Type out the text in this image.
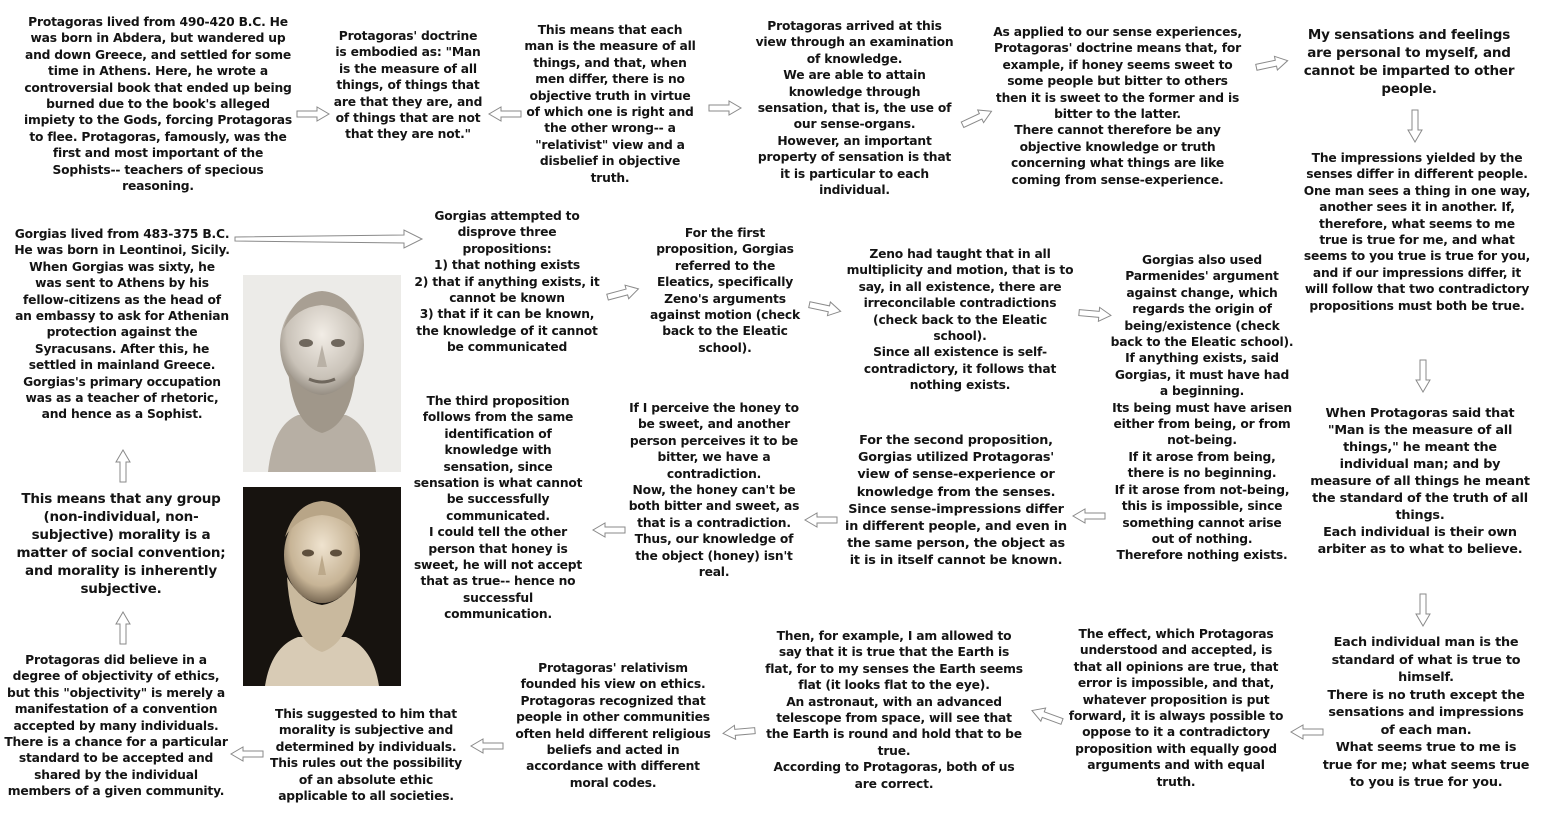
Protagoras lived from 490-420 B.C. He was born in Abdera, but wandered up and down Greece, and settled for some time in Athens. Here, he wrote a controversial book that ended up being burned due to the book's alleged impiety to the Gods, forcing Protagoras to flee. Protagoras, famously, was the first and most important of the Sophists-- teachers of specious reasoning.

Protagoras' doctrine is embodied as: "Man is the measure of all things, of things that are that they are, and of things that are not that they are not."

This means that each man is the measure of all things, and that, when men differ, there is no objective truth in virtue of which one is right and the other wrong-- a "relativist" view and a disbelief in objective truth.

Protagoras arrived at this view through an examination of knowledge.

We are able to attain knowledge through sensation, that is, the use of our sense-organs.

However, an important property of sensation is that it is particular to each individual.

As applied to our sense experiences, Protagoras' doctrine means that, for example, if honey seems sweet to some people but bitter to others then it is sweet to the former and is bitter to the latter.

There cannot therefore be any objective knowledge or truth concerning what things are like coming from sense-experience.

My sensations and feelings are personal to myself, and cannot be imparted to other people.

The impressions yielded by the senses differ in different people.

One man sees a thing in one way, another sees it in another. If, therefore, what seems to me true is true for me, and what seems to you true is true for you, and if our impressions differ, it will follow that two contradictory propositions must both be true.

When Protagoras said that "Man is the measure of all things," he meant the individual man; and by measure of all things he meant the standard of the truth of all things.

Each individual is their own arbiter as to what to believe.

Each individual man is the standard of what is true to himself.

There is no truth except the sensations and impressions of each man.

What seems true to me is true for me; what seems true to you is true for you.

The effect, which Protagoras understood and accepted, is that all opinions are true, that error is impossible, and that, whatever proposition is put forward, it is always possible to oppose to it a contradictory proposition with equally good arguments and with equal truth.

Then, for example, I am allowed to say that it is true that the Earth is flat, for to my senses the Earth seems flat (it looks flat to the eye).

An astronaut, with an advanced telescope from space, will see that the Earth is round and hold that to be true.

According to Protagoras, both of us are correct.

Protagoras' relativism founded his view on ethics.

Protagoras recognized that people in other communities often held different religious beliefs and acted in accordance with different moral codes.

This suggested to him that morality is subjective and determined by individuals.

This rules out the possibility of an absolute ethic applicable to all societies.

Protagoras did believe in a degree of objectivity of ethics, but this "objectivity" is merely a manifestation of a convention accepted by many individuals.

There is a chance for a particular standard to be accepted and shared by the individual members of a given community.

This means that any group (non-individual, non-subjective) morality is a matter of social convention; and morality is inherently subjective.

Gorgias lived from 483-375 B.C. He was born in Leontinoi, Sicily. When Gorgias was sixty, he was sent to Athens by his fellow-citizens as the head of an embassy to ask for Athenian protection against the Syracusans. After this, he settled in mainland Greece. Gorgias's primary occupation was as a teacher of rhetoric, and hence as a Sophist.

Gorgias attempted to disprove three propositions:

1) that nothing exists

2) that if anything exists, it cannot be known

3) that if it can be known, the knowledge of it cannot be communicated

For the first proposition, Gorgias referred to the Eleatics, specifically Zeno's arguments against motion (check back to the Eleatic school).

Zeno had taught that in all multiplicity and motion, that is to say, in all existence, there are irreconcilable contradictions (check back to the Eleatic school).

Since all existence is self-contradictory, it follows that nothing exists.

Gorgias also used Parmenides' argument against change, which regards the origin of being/existence (check back to the Eleatic school).

If anything exists, said Gorgias, it must have had a beginning.

Its being must have arisen either from being, or from not-being.

If it arose from being, there is no beginning.

If it arose from not-being, this is impossible, since something cannot arise out of nothing.

Therefore nothing exists.

For the second proposition, Gorgias utilized Protagoras' view of sense-experience or knowledge from the senses.

Since sense-impressions differ in different people, and even in the same person, the object as it is in itself cannot be known.

If I perceive the honey to be sweet, and another person perceives it to be bitter, we have a contradiction.

Now, the honey can't be both bitter and sweet, as that is a contradiction.

Thus, our knowledge of the object (honey) isn't real.

The third proposition follows from the same identification of knowledge with sensation, since sensation is what cannot be successfully communicated.

I could tell the other person that honey is sweet, he will not accept that as true-- hence no successful communication.
